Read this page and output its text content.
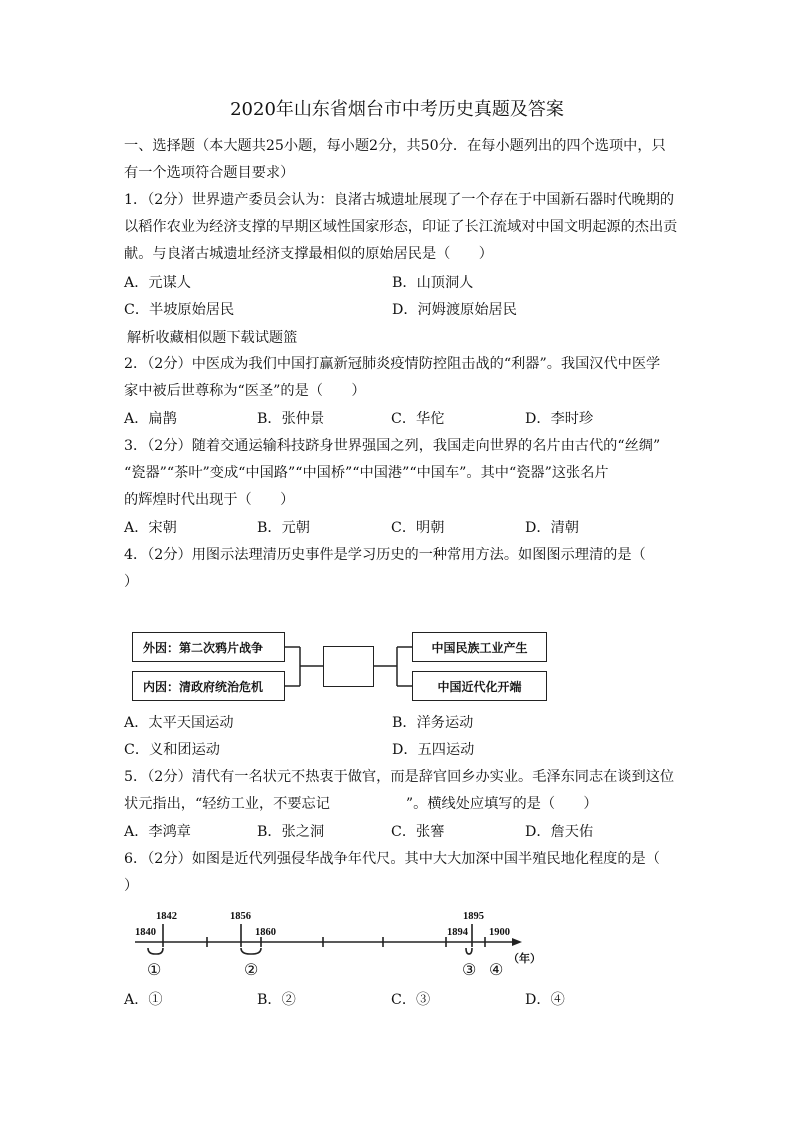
2020年山东省烟台市中考历史真题及答案
一、选择题（本大题共25小题，每小题2分，共50分．在每小题列出的四个选项中，只
有一个选项符合题目要求）
1．（2分）世界遗产委员会认为：良渚古城遗址展现了一个存在于中国新石器时代晚期的
以稻作农业为经济支撑的早期区域性国家形态，印证了长江流域对中国文明起源的杰出贡
献。与良渚古城遗址经济支撑最相似的原始居民是（　　）
A．元谋人	B．山顶洞人
C．半坡原始居民	D．河姆渡原始居民
解析收藏相似题下载试题篮
2．（2分）中医成为我们中国打赢新冠肺炎疫情防控阻击战的“利器”。我国汉代中医学
家中被后世尊称为“医圣”的是（　　）
A．扁鹊	B．张仲景	C．华佗	D．李时珍
3．（2分）随着交通运输科技跻身世界强国之列，我国走向世界的名片由古代的“丝绸”
“瓷器”“茶叶”变成“中国路”“中国桥”“中国港”“中国车”。其中“瓷器”这张名片
的辉煌时代出现于（　　）
A．宋朝	B．元朝	C．明朝	D．清朝
4．（2分）用图示法理清历史事件是学习历史的一种常用方法。如图图示理清的是（
）
外因：第二次鸦片战争
内因：清政府统治危机
中国民族工业产生
中国近代化开端
A．太平天国运动	B．洋务运动
C．义和团运动	D．五四运动
5．（2分）清代有一名状元不热衷于做官，而是辞官回乡办实业。毛泽东同志在谈到这位
状元指出，“轻纺工业，不要忘记	”。横线处应填写的是（　　）
A．李鸿章	B．张之洞	C．张謇	D．詹天佑
6．（2分）如图是近代列强侵华战争年代尺。其中大大加深中国半殖民地化程度的是（
）
1842	1856	1895
1840	1860	1894 1900
①	②	③ ④
（年）
A．①	B．②	C．③	D．④
